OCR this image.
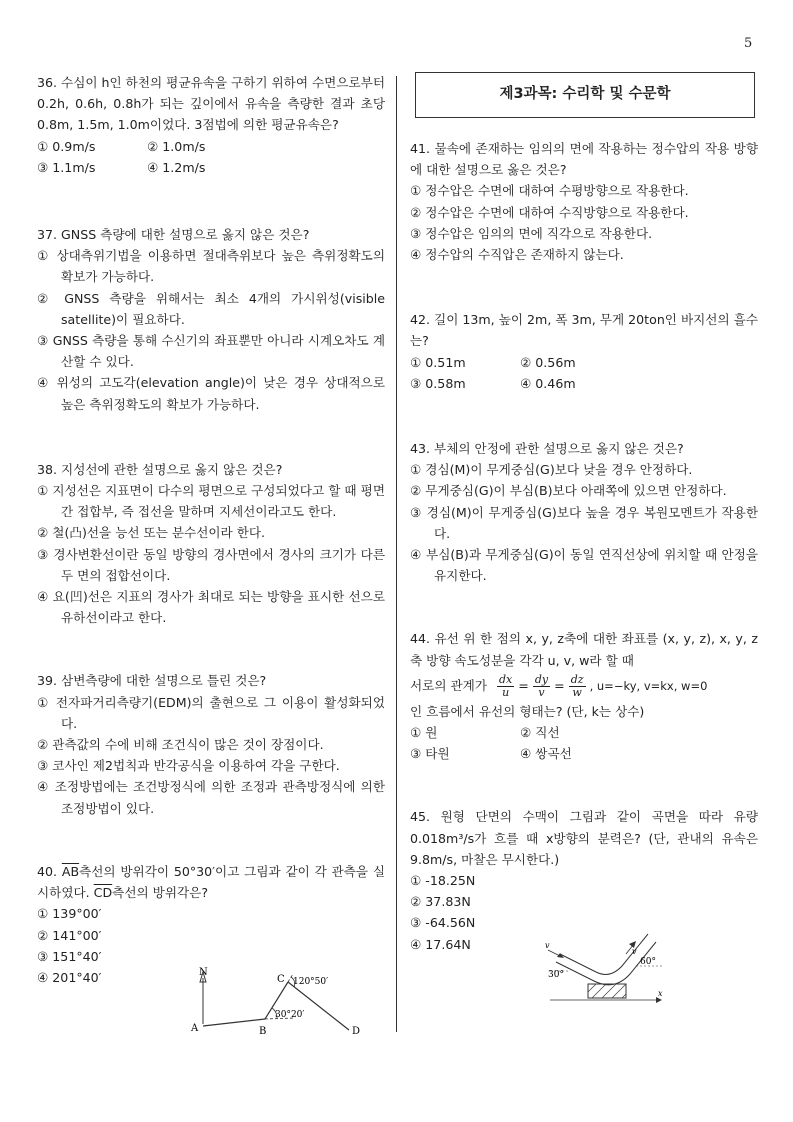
5

36. 수심이 h인 하천의 평균유속을 구하기 위하여 수면으로부터 0.2h, 0.6h, 0.8h가 되는 깊이에서 유속을 측량한 결과 초당 0.8m, 1.5m, 1.0m이었다. 3점법에 의한 평균유속은?

① 0.9m/s	② 1.0m/s
③ 1.1m/s	④ 1.2m/s

37. GNSS 측량에 대한 설명으로 옳지 않은 것은?

① 상대측위기법을 이용하면 절대측위보다 높은 측위정확도의 확보가 가능하다.

② GNSS 측량을 위해서는 최소 4개의 가시위성(visible satellite)이 필요하다.

③ GNSS 측량을 통해 수신기의 좌표뿐만 아니라 시계오차도 계산할 수 있다.

④ 위성의 고도각(elevation angle)이 낮은 경우 상대적으로 높은 측위정확도의 확보가 가능하다.

38. 지성선에 관한 설명으로 옳지 않은 것은?

① 지성선은 지표면이 다수의 평면으로 구성되었다고 할 때 평면간 접합부, 즉 접선을 말하며 지세선이라고도 한다.

② 철(凸)선을 능선 또는 분수선이라 한다.

③ 경사변환선이란 동일 방향의 경사면에서 경사의 크기가 다른 두 면의 접합선이다.

④ 요(凹)선은 지표의 경사가 최대로 되는 방향을 표시한 선으로 유하선이라고 한다.

39. 삼변측량에 대한 설명으로 틀린 것은?

① 전자파거리측량기(EDM)의 출현으로 그 이용이 활성화되었다.

② 관측값의 수에 비해 조건식이 많은 것이 장점이다.

③ 코사인 제2법칙과 반각공식을 이용하여 각을 구한다.

④ 조정방법에는 조건방정식에 의한 조정과 관측방정식에 의한 조정방법이 있다.

40. $\overline{AB}$측선의 방위각이 50°30′이고 그림과 같이 각 관측을 실시하였다. $\overline{CD}$측선의 방위각은?

① 139°00′

② 141°00′

③ 151°40′

④ 201°40′	N
A	B
C
D
120°50′
30°20′
제3과목: 수리학 및 수문학

41. 물속에 존재하는 임의의 면에 작용하는 정수압의 작용 방향에 대한 설명으로 옳은 것은?

① 정수압은 수면에 대하여 수평방향으로 작용한다.

② 정수압은 수면에 대하여 수직방향으로 작용한다.

③ 정수압은 임의의 면에 직각으로 작용한다.

④ 정수압의 수직압은 존재하지 않는다.

42. 길이 13m, 높이 2m, 폭 3m, 무게 20ton인 바지선의 흘수는?

① 0.51m	② 0.56m
③ 0.58m	④ 0.46m

43. 부체의 안정에 관한 설명으로 옳지 않은 것은?

① 경심(M)이 무게중심(G)보다 낮을 경우 안정하다.

② 무게중심(G)이 부심(B)보다 아래쪽에 있으면 안정하다.

③ 경심(M)이 무게중심(G)보다 높을 경우 복원모멘트가 작용한다.

④ 부심(B)과 무게중심(G)이 동일 연직선상에 위치할 때 안정을 유지한다.

44. 유선 위 한 점의 x, y, z축에 대한 좌표를 (x, y, z), x, y, z축 방향 속도성분을 각각 u, v, w라 할 때

서로의 관계가 $\frac{dx}{u} = \frac{dy}{v} = \frac{dz}{w}$ , u=−ky, v=kx, w=0

인 흐름에서 유선의 형태는? (단, k는 상수)

① 원	② 직선
③ 타원	④ 쌍곡선

45. 원형 단면의 수맥이 그림과 같이 곡면을 따라 유량 0.018m³/s가 흐를 때 x방향의 분력은? (단, 관내의 유속은 9.8m/s, 마찰은 무시한다.)

① -18.25N

② 37.83N

③ -64.56N

④ 17.64N	v
v
30°
60°
x
